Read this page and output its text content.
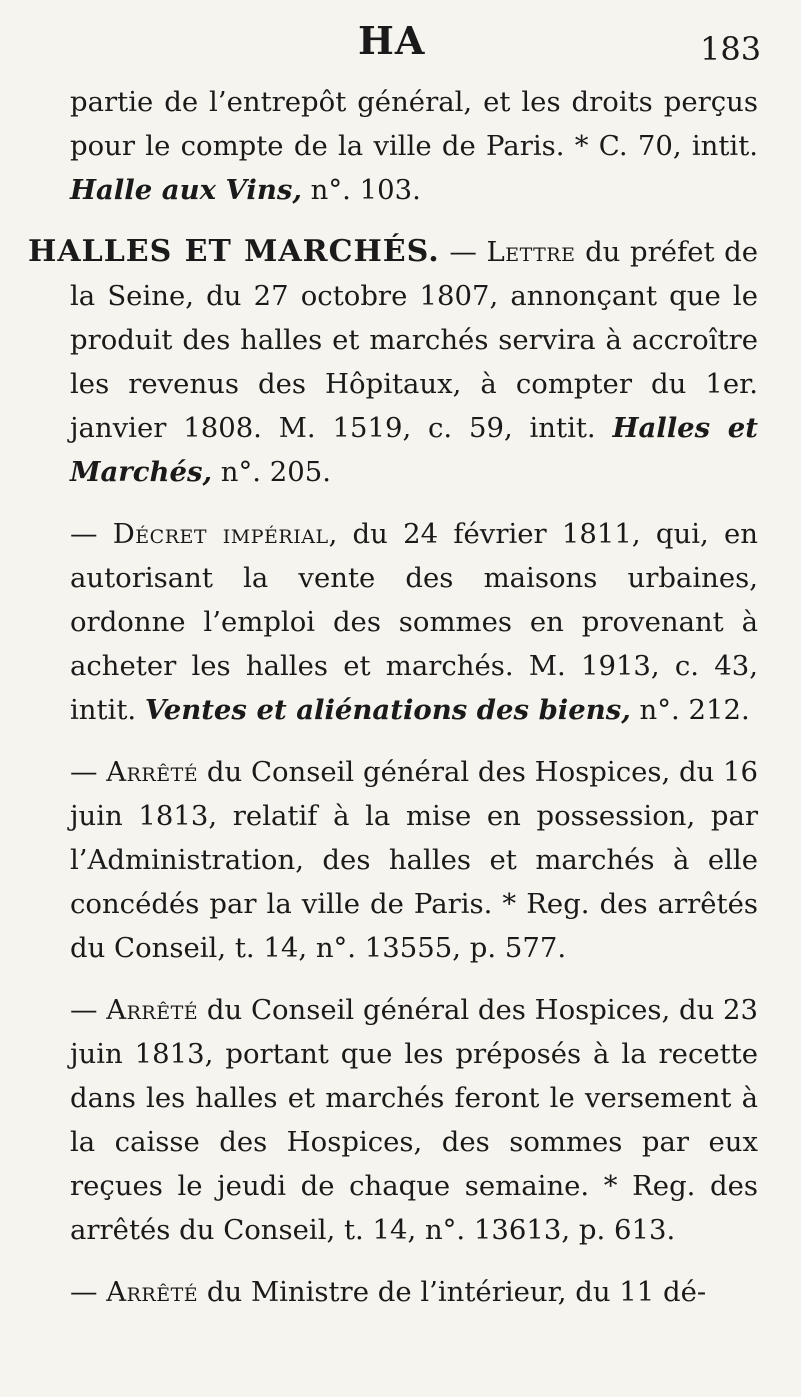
HA	183

partie de l’entrepôt général, et les droits perçus pour le compte de la ville de Paris. * C. 70, intit. Halle aux Vins, n°. 103.

HALLES ET MARCHÉS. — Lettre du préfet de la Seine, du 27 octobre 1807, annonçant que le produit des halles et marchés servira à accroître les revenus des Hôpitaux, à compter du 1er. janvier 1808. M. 1519, c. 59, intit. Halles et Marchés, n°. 205.

— Décret impérial, du 24 février 1811, qui, en autorisant la vente des maisons urbaines, ordonne l’emploi des sommes en provenant à acheter les halles et marchés. M. 1913, c. 43, intit. Ventes et aliénations des biens, n°. 212.

— Arrêté du Conseil général des Hospices, du 16 juin 1813, relatif à la mise en possession, par l’Administration, des halles et marchés à elle concédés par la ville de Paris. * Reg. des arrêtés du Conseil, t. 14, n°. 13555, p. 577.

— Arrêté du Conseil général des Hospices, du 23 juin 1813, portant que les préposés à la recette dans les halles et marchés feront le versement à la caisse des Hospices, des sommes par eux reçues le jeudi de chaque semaine. * Reg. des arrêtés du Conseil, t. 14, n°. 13613, p. 613.

— Arrêté du Ministre de l’intérieur, du 11 dé-
